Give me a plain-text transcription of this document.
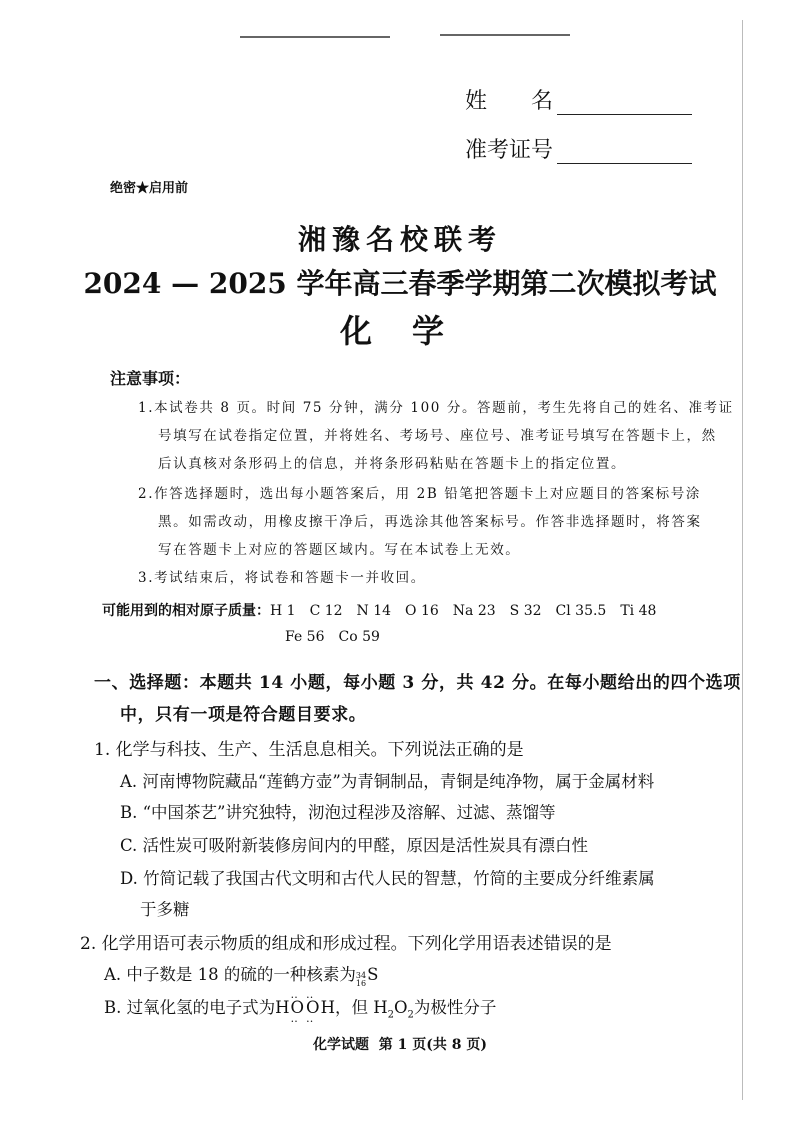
姓　　名
准考证号
绝密★启用前
湘豫名校联考
2024 — 2025 学年高三春季学期第二次模拟考试
化学
注意事项：
1.本试卷共 8 页。时间 75 分钟，满分 100 分。答题前，考生先将自己的姓名、准考证
号填写在试卷指定位置，并将姓名、考场号、座位号、准考证号填写在答题卡上，然
后认真核对条形码上的信息，并将条形码粘贴在答题卡上的指定位置。
2.作答选择题时，选出每小题答案后，用 2B 铅笔把答题卡上对应题目的答案标号涂
黑。如需改动，用橡皮擦干净后，再选涂其他答案标号。作答非选择题时，将答案
写在答题卡上对应的答题区域内。写在本试卷上无效。
3.考试结束后，将试卷和答题卡一并收回。
可能用到的相对原子质量：H 1　C 12　N 14　O 16　Na 23　S 32　Cl 35.5　Ti 48
Fe 56　Co 59
一、选择题：本题共 14 小题，每小题 3 分，共 42 分。在每小题给出的四个选项
中，只有一项是符合题目要求。
1. 化学与科技、生产、生活息息相关。下列说法正确的是
A. 河南博物院藏品“莲鹤方壶”为青铜制品，青铜是纯净物，属于金属材料
B. “中国茶艺”讲究独特，沏泡过程涉及溶解、过滤、蒸馏等
C. 活性炭可吸附新装修房间内的甲醛，原因是活性炭具有漂白性
D. 竹简记载了我国古代文明和古代人民的智慧，竹简的主要成分纤维素属
于多糖
2. 化学用语可表示物质的组成和形成过程。下列化学用语表述错误的是
A. 中子数是 18 的硫的一种核素为 34
16 S
B. 过氧化氢的电子式为H‥ O ‥‥ O ‥H，但 $H_2O_2$为极性分子
化学试题  第 1 页(共 8 页)
